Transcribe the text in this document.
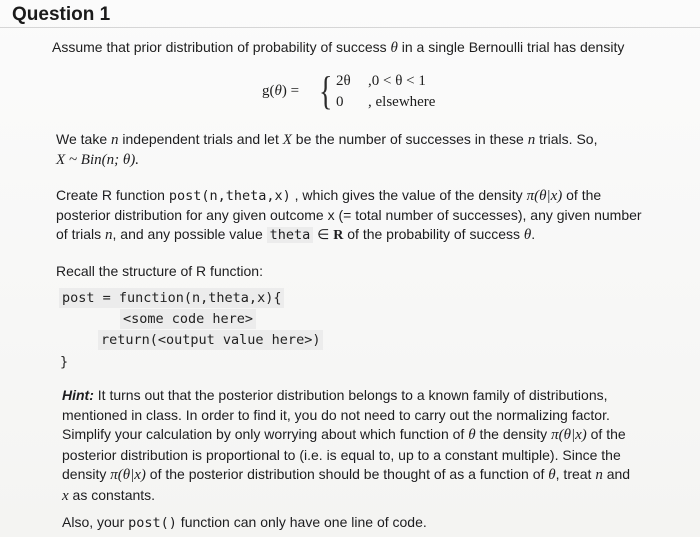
Question 1
Assume that prior distribution of probability of success θ in a single Bernoulli trial has density
g(θ) = { 2θ ,0 < θ < 1
0 , elsewhere
We take n independent trials and let X be the number of successes in these n trials. So,
X ~ Bin(n; θ).
Create R function post(n,theta,x) , which gives the value of the density π(θ|x) of the
posterior distribution for any given outcome x (= total number of successes), any given number
of trials n, and any possible value theta ∈ R of the probability of success θ.
Recall the structure of R function:
post = function(n,theta,x){
<some code here>
return(<output value here>)
}
Hint: It turns out that the posterior distribution belongs to a known family of distributions,
mentioned in class. In order to find it, you do not need to carry out the normalizing factor.
Simplify your calculation by only worrying about which function of θ the density π(θ|x) of the
posterior distribution is proportional to (i.e. is equal to, up to a constant multiple). Since the
density π(θ|x) of the posterior distribution should be thought of as a function of θ, treat n and
x as constants.
Also, your post() function can only have one line of code.
